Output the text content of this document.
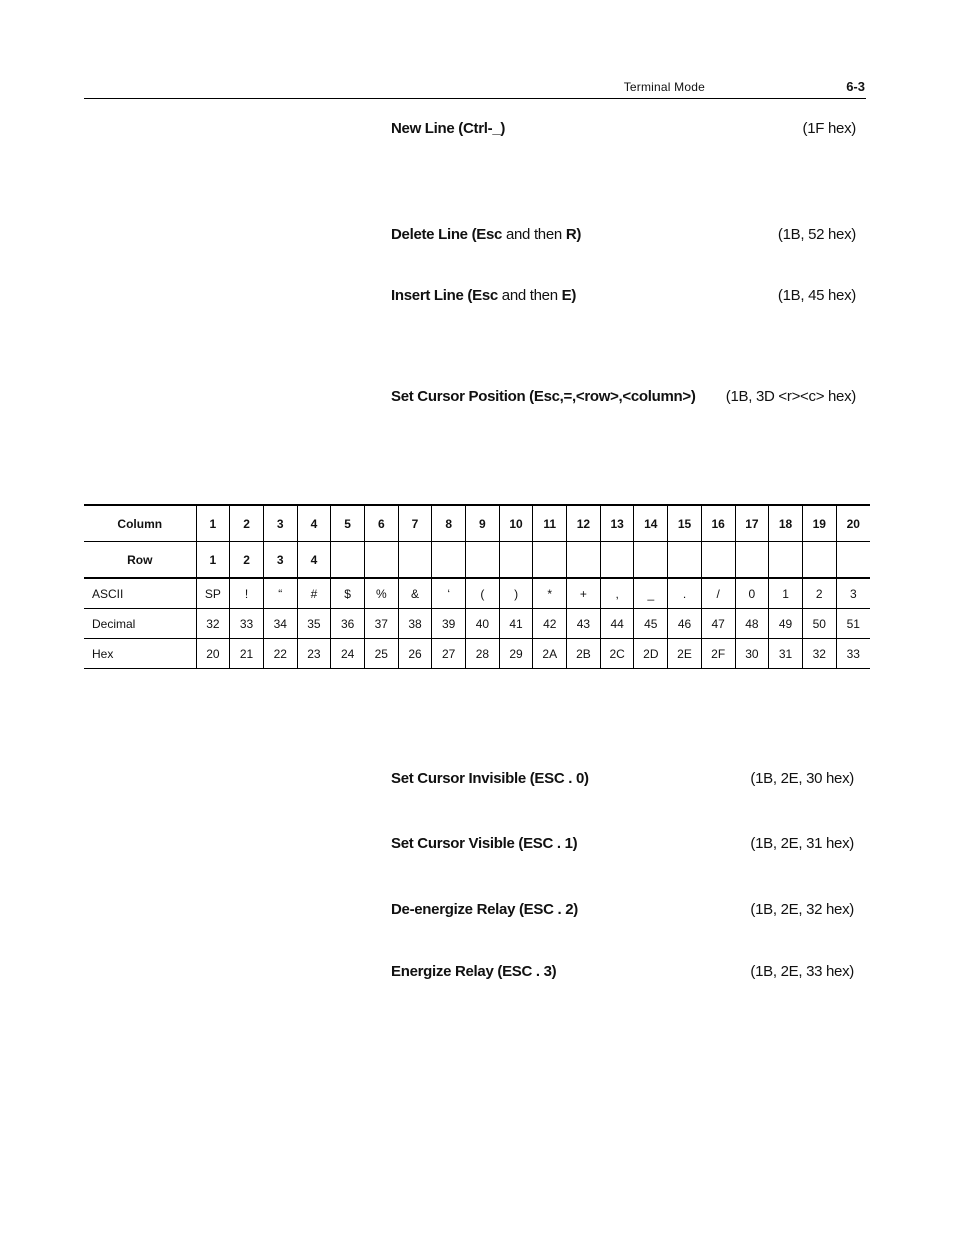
Terminal Mode	6-3
New Line (Ctrl-_)	(1F hex)
Delete Line (Esc and then R)	(1B, 52 hex)
Insert Line (Esc and then E)	(1B, 45 hex)
Set Cursor Position (Esc,=,<row>,<column>) (1B, 3D <r><c> hex)
Column	1	2	3	4	5	6	7	8	9	10	11	12	13	14	15	16	17	18	19	20
Row	1	2	3	4																
ASCII	SP	!	“	#	$	%	&	‘	(	)	*	+	,	_	.	/	0	1	2	3
Decimal	32	33	34	35	36	37	38	39	40	41	42	43	44	45	46	47	48	49	50	51
Hex	20	21	22	23	24	25	26	27	28	29	2A	2B	2C	2D	2E	2F	30	31	32	33
Set Cursor Invisible (ESC . 0)	(1B, 2E, 30 hex)
Set Cursor Visible (ESC . 1)	(1B, 2E, 31 hex)
De-energize Relay (ESC . 2)	(1B, 2E, 32 hex)
Energize Relay (ESC . 3)	(1B, 2E, 33 hex)
